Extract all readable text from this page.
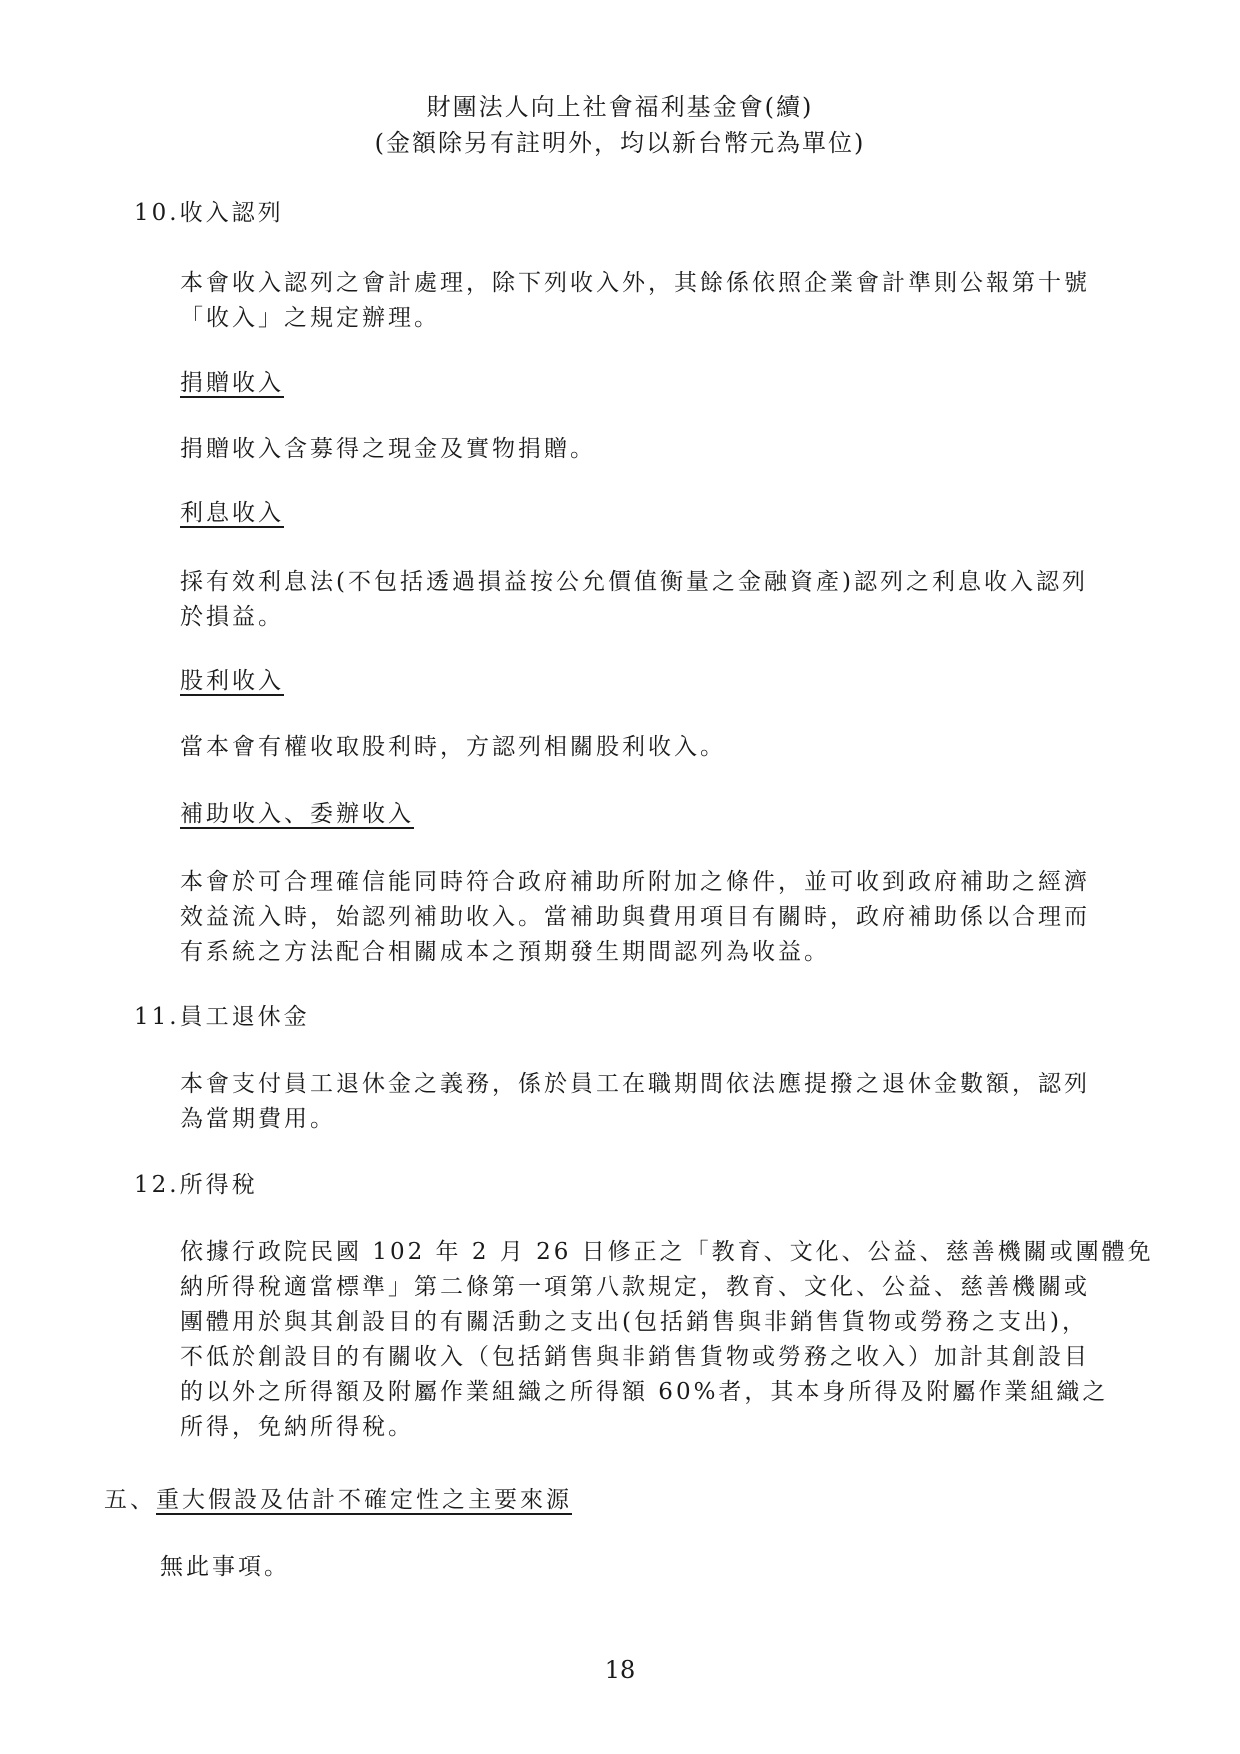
財團法人向上社會福利基金會(續)
(金額除另有註明外，均以新台幣元為單位)
10.收入認列
本會收入認列之會計處理，除下列收入外，其餘係依照企業會計準則公報第十號
「收入」之規定辦理。
捐贈收入
捐贈收入含募得之現金及實物捐贈。
利息收入
採有效利息法(不包括透過損益按公允價值衡量之金融資產)認列之利息收入認列
於損益。
股利收入
當本會有權收取股利時，方認列相關股利收入。
補助收入、委辦收入
本會於可合理確信能同時符合政府補助所附加之條件，並可收到政府補助之經濟
效益流入時，始認列補助收入。當補助與費用項目有關時，政府補助係以合理而
有系統之方法配合相關成本之預期發生期間認列為收益。
11.員工退休金
本會支付員工退休金之義務，係於員工在職期間依法應提撥之退休金數額，認列
為當期費用。
12.所得稅
依據行政院民國 102 年 2 月 26 日修正之「教育、文化、公益、慈善機關或團體免
納所得稅適當標準」第二條第一項第八款規定，教育、文化、公益、慈善機關或
團體用於與其創設目的有關活動之支出(包括銷售與非銷售貨物或勞務之支出)，
不低於創設目的有關收入（包括銷售與非銷售貨物或勞務之收入）加計其創設目
的以外之所得額及附屬作業組織之所得額 60%者，其本身所得及附屬作業組織之
所得，免納所得稅。
五、重大假設及估計不確定性之主要來源
無此事項。
18
